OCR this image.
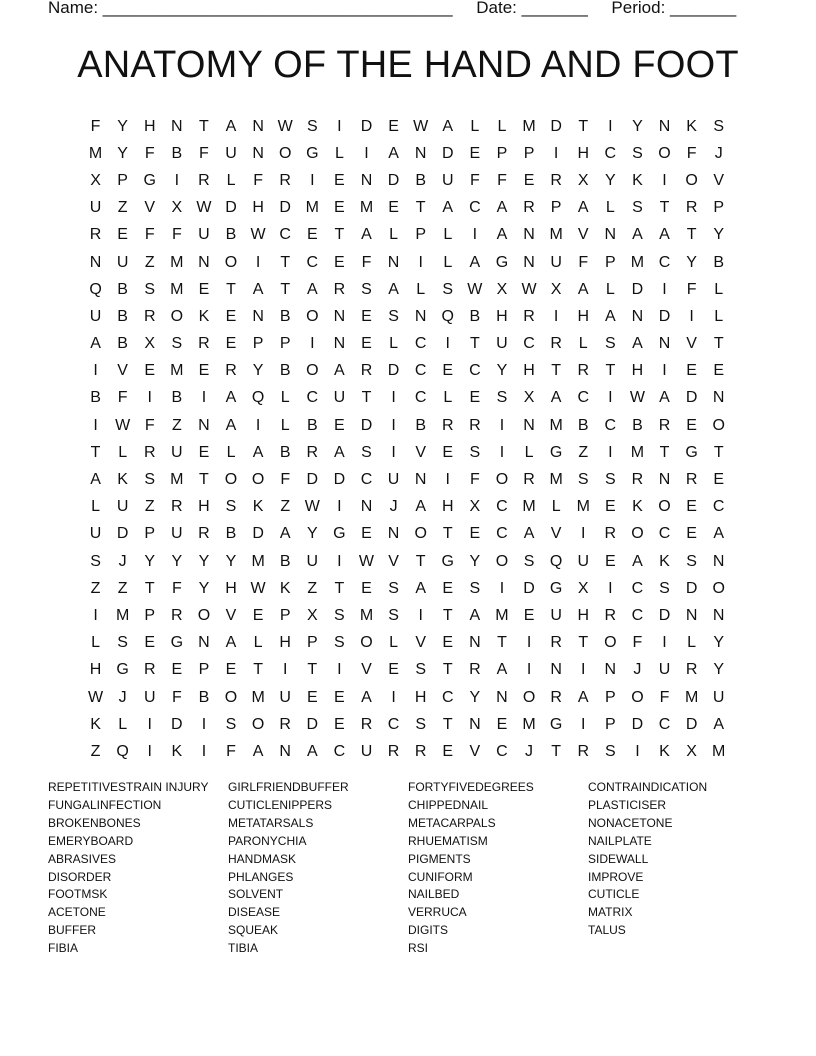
Name: _____________________________________ Date: _______ Period: _______
ANATOMY OF THE HAND AND FOOT
F	Y H N	T	A N W S	I	D E W A	L	L M D	T	I	Y N K	S
M Y	F	B	F	U N O G	L	I	A N D E	P	P	I	H C S O F	J
X	P G	I	R	L	F	R	I	E N D B U	F	F	E R X	Y	K	I	O V
U	Z	V	X W D H D M E M E	T	A C A R P	A	L	S	T	R P
R E	F	F	U B W C E	T	A	L	P	L	I	A N M V N A	A	T	Y
N U	Z M N O	I	T	C E	F	N	I	L	A G N U	F	P M C Y	B
Q B	S M E	T	A	T	A R S	A	L	S W X W X	A	L	D	I	F	L
U B R O K	E N B O N E	S N Q B H R	I	H A N D	I	L
A	B	X	S R E	P	P	I	N E	L	C	I	T	U C R	L	S	A N V	T
I	V	E M E R Y	B O A R D C E C Y H	T	R	T	H	I	E	E
B	F	I	B	I	A Q	L	C U	T	I	C	L	E	S	X	A C	I	W A D N
I	W F	Z	N A	I	L	B	E D	I	B R R	I	N M B C B R E O
T	L	R U E	L	A	B R A	S	I	V	E	S	I	L	G Z	I	M T G T
A	K	S M T O O F	D D C U N	I	F O R M S	S R N R E
L	U	Z	R H S	K	Z W	I	N	J	A H X C M L M E	K O E C
U D P U R B D A	Y G E N O T	E C A	V	I	R O C E	A
S	J	Y	Y	Y	Y M B U	I	W V	T G Y O S Q U E	A	K	S N
Z	Z	T	F	Y H W K	Z	T	E	S	A	E	S	I	D G X	I	C S D O
I	M P R O V	E	P	X	S M S	I	T	A M E U H R C D N N
L	S	E G N A	L	H P	S O	L	V	E N	T	I	R	T O F	I	L	Y
H G R E	P	E	T	I	T	I	V	E	S	T	R A	I	N	I	N	J	U R Y
W J	U	F	B O M U E	E	A	I	H C Y N O R A	P O F M U
K	L	I	D	I	S O R D E R C S	T	N E M G	I	P D C D A
Z Q	I	K	I	F	A N A C U R R E	V C	J	T	R S	I	K	X M
REPETITIVESTRAIN INJURY
FUNGALINFECTION
BROKENBONES
EMERYBOARD
ABRASIVES
DISORDER
FOOTMSK
ACETONE
BUFFER
FIBIA
GIRLFRIENDBUFFER
CUTICLENIPPERS
METATARSALS
PARONYCHIA
HANDMASK
PHLANGES
SOLVENT
DISEASE
SQUEAK
TIBIA
FORTYFIVEDEGREES
CHIPPEDNAIL
METACARPALS
RHUEMATISM
PIGMENTS
CUNIFORM
NAILBED
VERRUCA
DIGITS
RSI
CONTRAINDICATION
PLASTICISER
NONACETONE
NAILPLATE
SIDEWALL
IMPROVE
CUTICLE
MATRIX
TALUS
